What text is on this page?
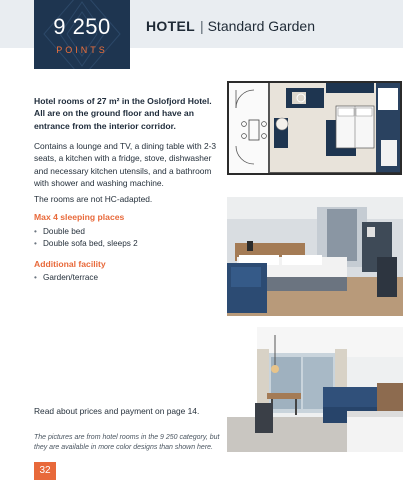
9 250
POINTS
HOTEL | Standard Garden

Hotel rooms of 27 m² in the Oslofjord Hotel. All are on the ground floor and have an entrance from the interior corridor.

Contains a lounge and TV, a dining table with 2-3 seats, a kitchen with a fridge, stove, dishwasher and necessary kitchen utensils, and a bathroom with shower and washing machine.

The rooms are not HC-adapted.

Max 4 sleeping places
• Double bed
• Double sofa bed, sleeps 2
Additional facility
• Garden/terrace

Read about prices and payment on page 14.

The pictures are from hotel rooms in the 9 250 category, but they are available in more color designs than shown here.

32
